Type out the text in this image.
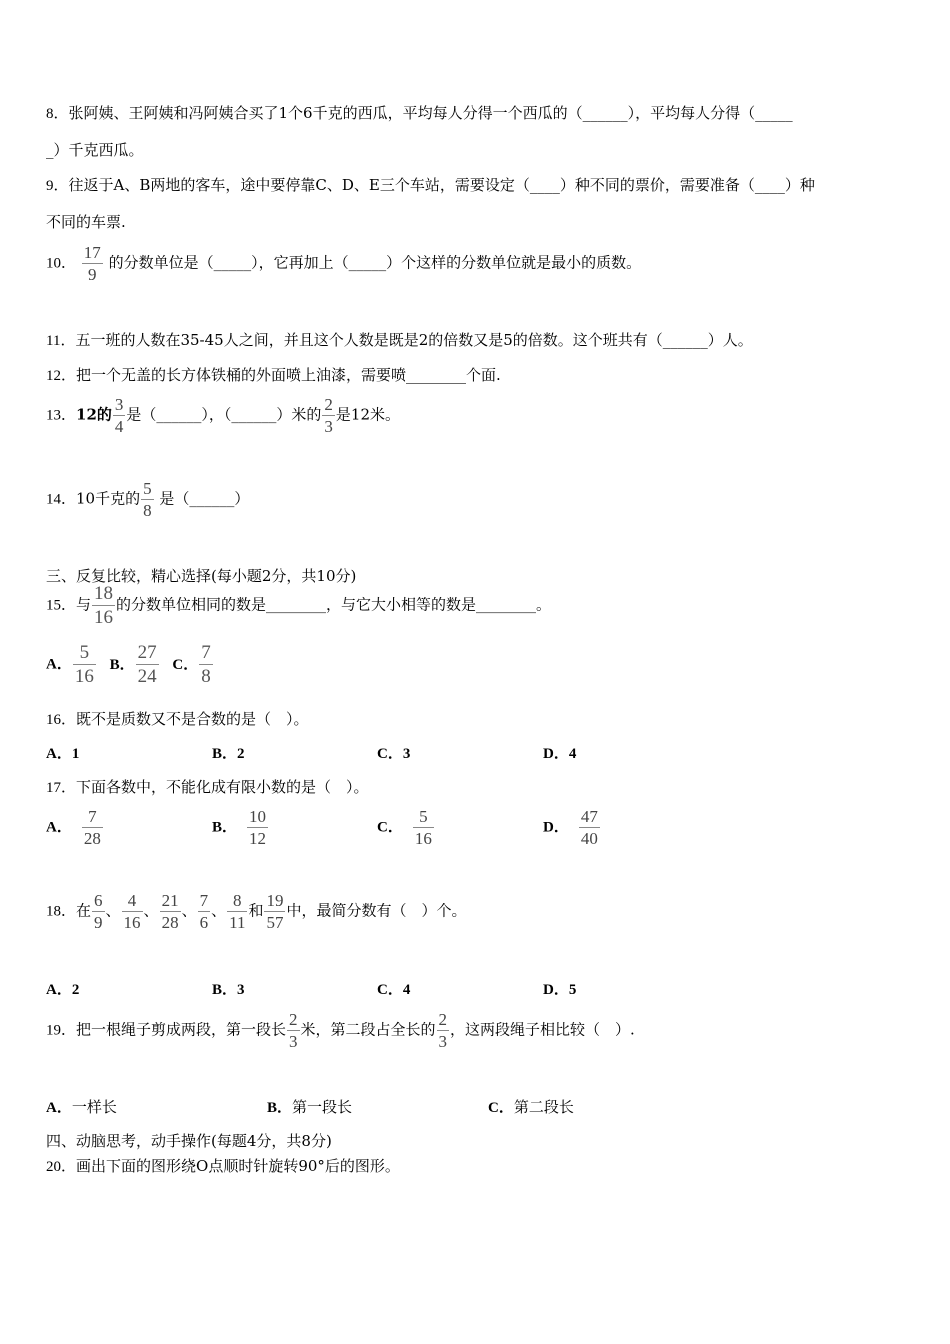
8．张阿姨、王阿姨和冯阿姨合买了1个6千克的西瓜，平均每人分得一个西瓜的（______），平均每人分得（_____
_）千克西瓜。
9．往返于A、B两地的客车，途中要停靠C、D、E三个车站，需要设定（____）种不同的票价，需要准备（____）种
不同的车票.
10． $\frac{17}{9}$ 的分数单位是（_____），它再加上（_____）个这样的分数单位就是最小的质数。
11．五一班的人数在35-45人之间，并且这个人数是既是2的倍数又是5的倍数。这个班共有（______）人。
12．把一个无盖的长方体铁桶的外面喷上油漆，需要喷________个面.
13．12的 $\frac{3}{4}$ 是（______），（______）米的 $\frac{2}{3}$ 是12米。
14．10千克的 $\frac{5}{8}$ 是（______）
三、反复比较，精心选择(每小题2分，共10分)
15．与 $\frac{18}{16}$ 的分数单位相同的数是________，与它大小相等的数是________。
A． $\frac{5}{16}$ B． $\frac{27}{24}$ C． $\frac{7}{8}$
16．既不是质数又不是合数的是（　）。
A．1	B．2	C．3	D．4
17．下面各数中，不能化成有限小数的是（　）。
A． $\frac{7}{28}$	B． $\frac{10}{12}$	C． $\frac{5}{16}$	D． $\frac{47}{40}$
18．在 $\frac{6}{9}$ 、 $\frac{4}{16}$ 、 $\frac{21}{28}$ 、 $\frac{7}{6}$ 、 $\frac{8}{11}$ 和 $\frac{19}{57}$ 中，最简分数有（　）个。
A．2	B．3	C．4	D．5
19．把一根绳子剪成两段，第一段长 $\frac{2}{3}$ 米，第二段占全长的 $\frac{2}{3}$ ，这两段绳子相比较（　）.
A．一样长	B．第一段长	C．第二段长
四、动脑思考，动手操作(每题4分，共8分)
20．画出下面的图形绕O点顺时针旋转90°后的图形。
